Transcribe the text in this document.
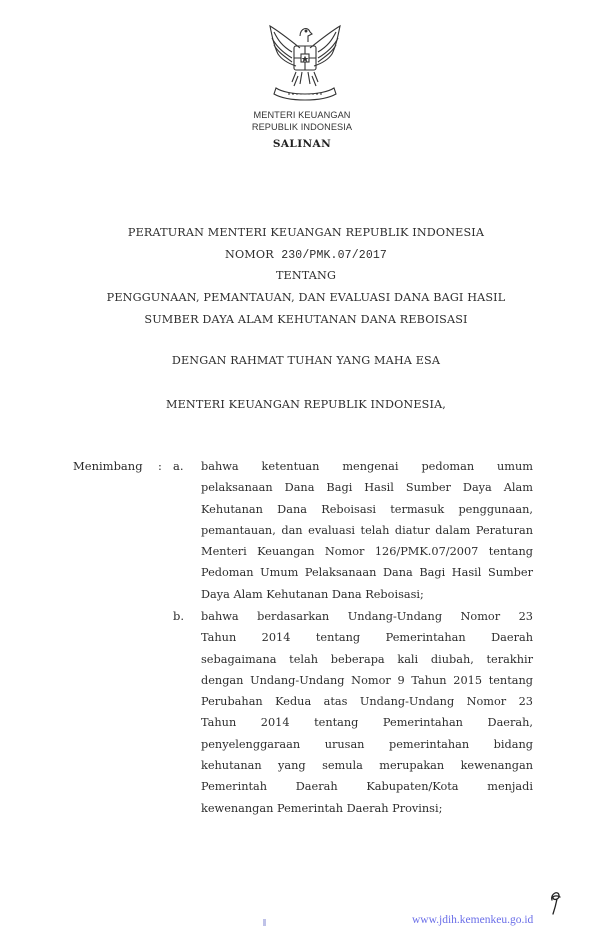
MENTERI KEUANGAN
REPUBLIK INDONESIA
SALINAN
PERATURAN MENTERI KEUANGAN REPUBLIK INDONESIA
NOMOR 230/PMK.07/2017
TENTANG
PENGGUNAAN, PEMANTAUAN, DAN EVALUASI DANA BAGI HASIL
SUMBER DAYA ALAM KEHUTANAN DANA REBOISASI
DENGAN RAHMAT TUHAN YANG MAHA ESA
MENTERI KEUANGAN REPUBLIK INDONESIA,
Menimbang : a. bahwa ketentuan mengenai pedoman umum
pelaksanaan Dana Bagi Hasil Sumber Daya Alam
Kehutanan Dana Reboisasi termasuk penggunaan,
pemantauan, dan evaluasi telah diatur dalam Peraturan
Menteri Keuangan Nomor 126/PMK.07/2007 tentang
Pedoman Umum Pelaksanaan Dana Bagi Hasil Sumber
Daya Alam Kehutanan Dana Reboisasi;
b. bahwa berdasarkan Undang-Undang Nomor 23
Tahun 2014 tentang Pemerintahan Daerah
sebagaimana telah beberapa kali diubah, terakhir
dengan Undang-Undang Nomor 9 Tahun 2015 tentang
Perubahan Kedua atas Undang-Undang Nomor 23
Tahun 2014 tentang Pemerintahan Daerah,
penyelenggaraan urusan pemerintahan bidang
kehutanan yang semula merupakan kewenangan
Pemerintah Daerah Kabupaten/Kota menjadi
kewenangan Pemerintah Daerah Provinsi;
www.jdih.kemenkeu.go.id
